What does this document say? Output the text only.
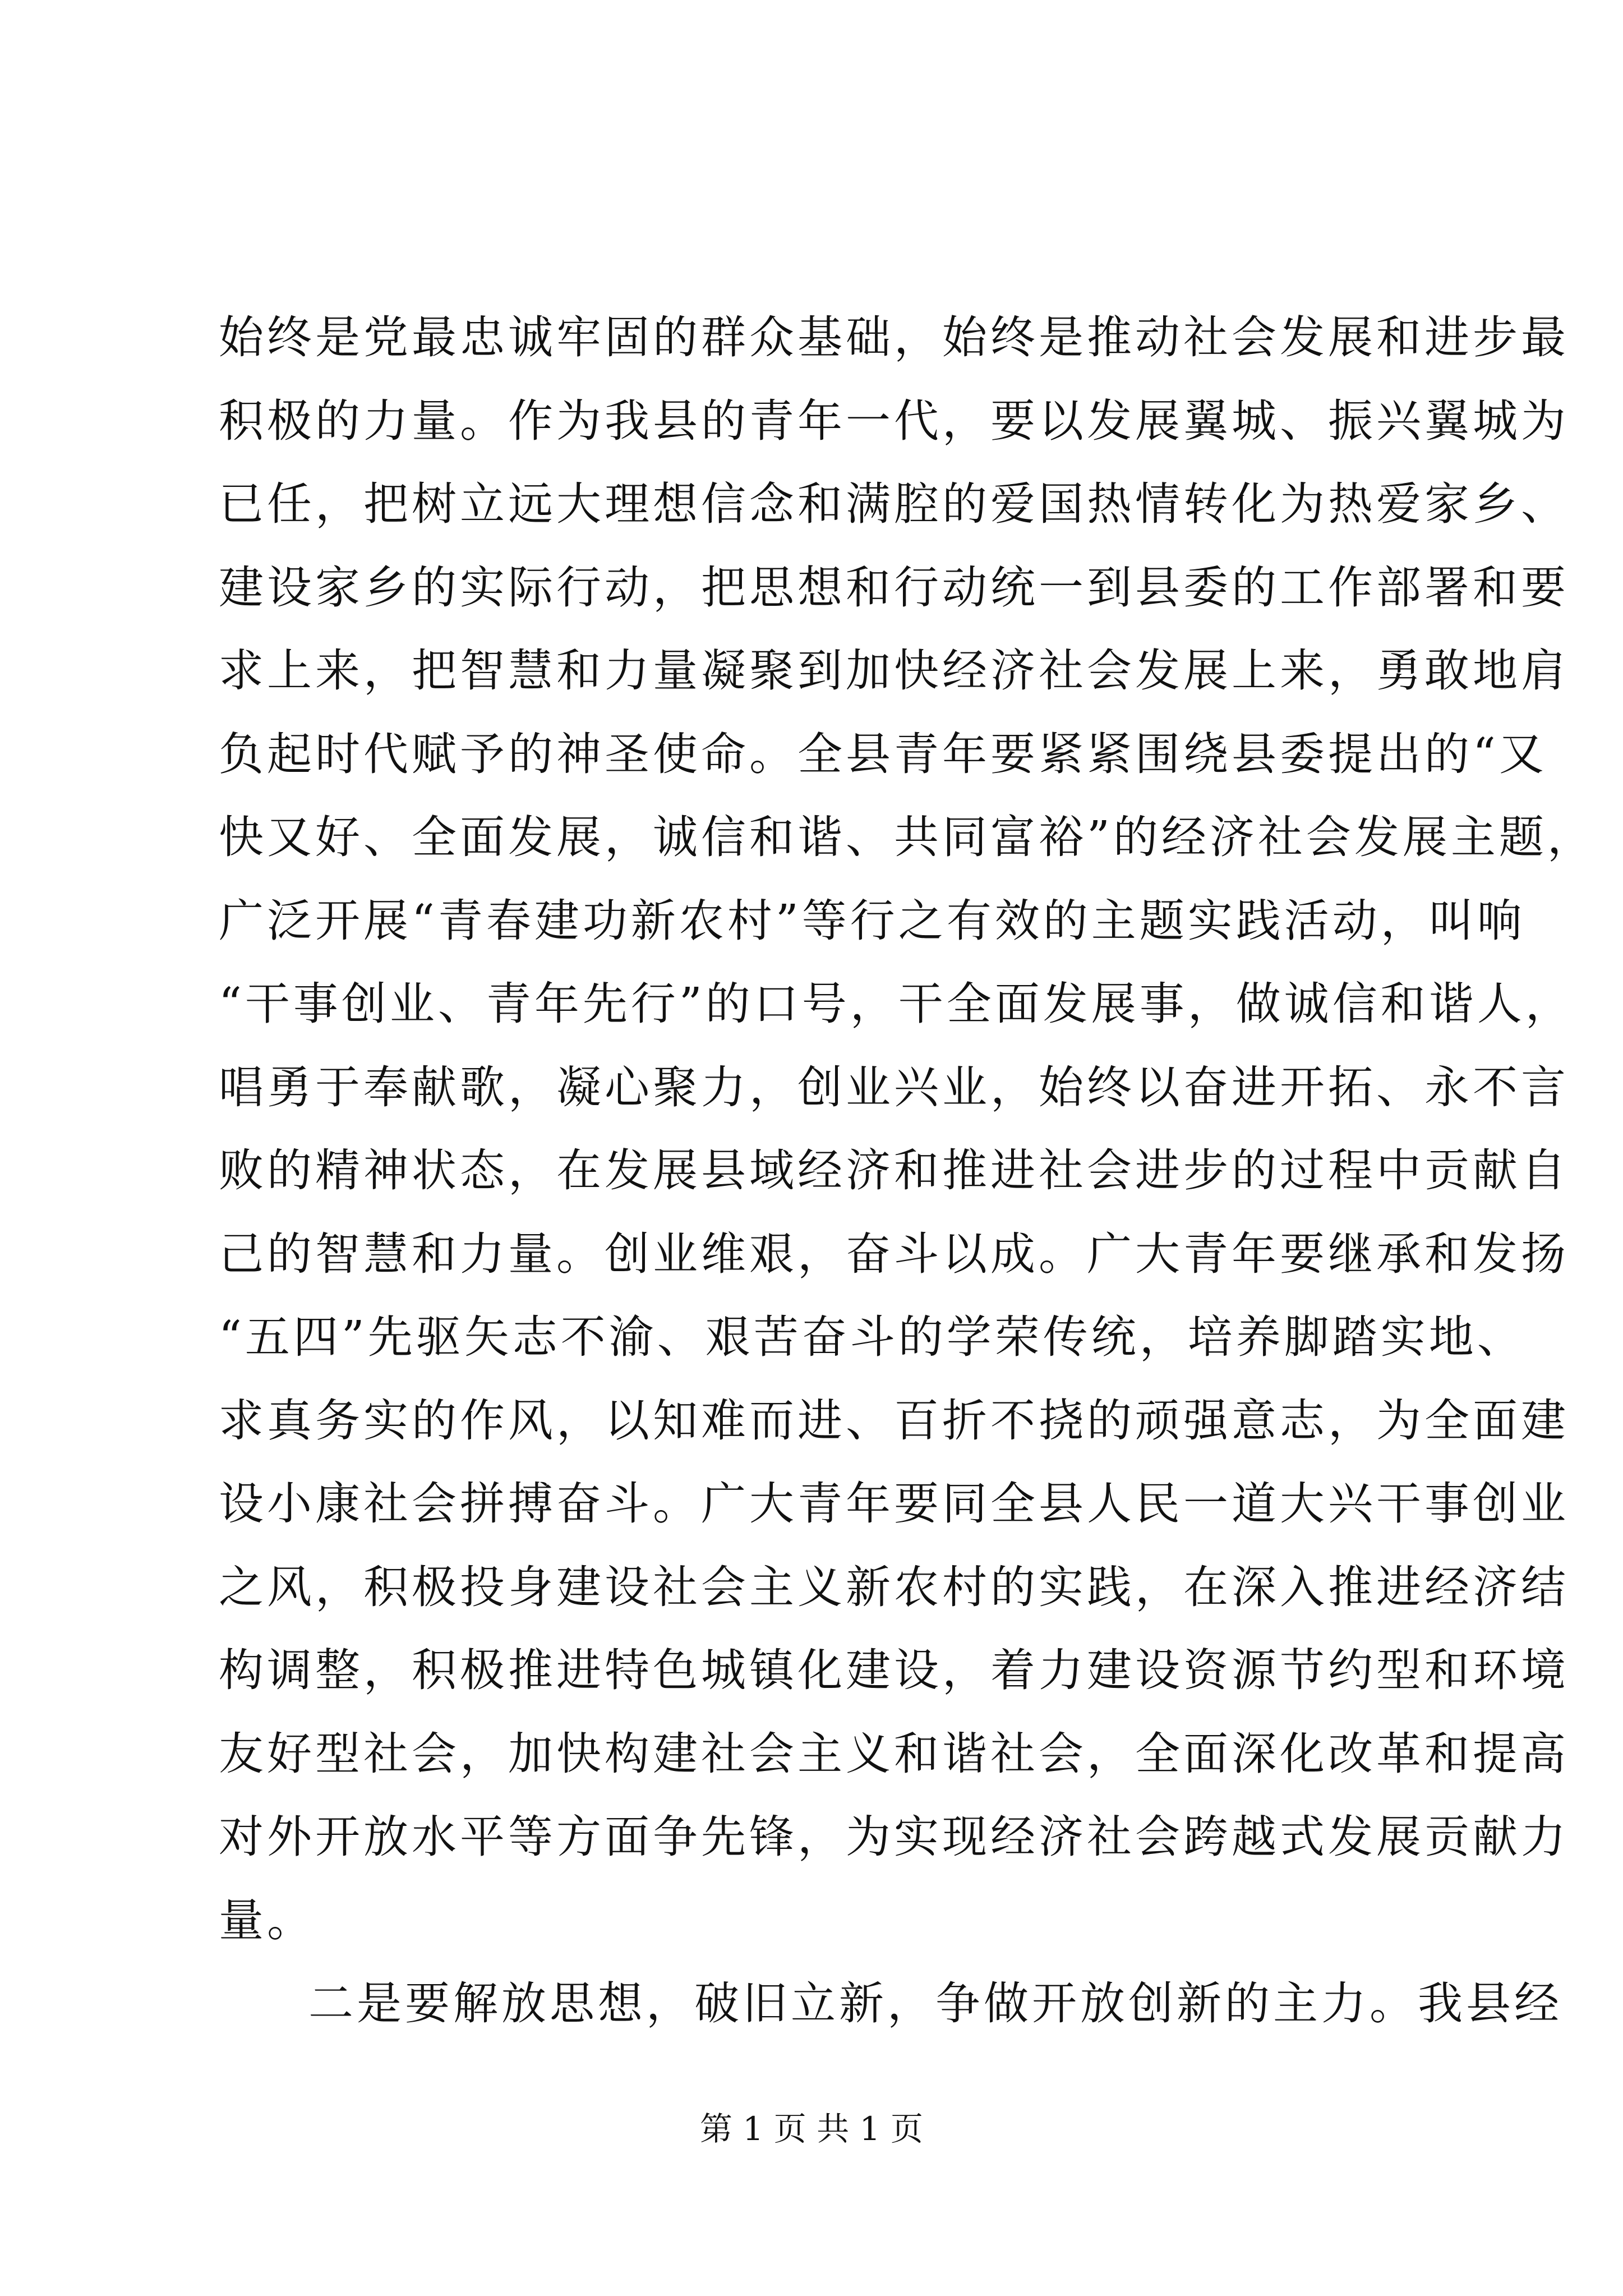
始终是党最忠诚牢固的群众基础，始终是推动社会发展和进步最
积极的力量。作为我县的青年一代，要以发展翼城、振兴翼城为
已任，把树立远大理想信念和满腔的爱国热情转化为热爱家乡、
建设家乡的实际行动，把思想和行动统一到县委的工作部署和要
求上来，把智慧和力量凝聚到加快经济社会发展上来，勇敢地肩
负起时代赋予的神圣使命。全县青年要紧紧围绕县委提出的“又
快又好、全面发展，诚信和谐、共同富裕”的经济社会发展主题，
广泛开展“青春建功新农村”等行之有效的主题实践活动，叫响
“干事创业、青年先行”的口号，干全面发展事，做诚信和谐人，
唱勇于奉献歌，凝心聚力，创业兴业，始终以奋进开拓、永不言
败的精神状态，在发展县域经济和推进社会进步的过程中贡献自
己的智慧和力量。创业维艰，奋斗以成。广大青年要继承和发扬
“五四”先驱矢志不渝、艰苦奋斗的学荣传统，培养脚踏实地、
求真务实的作风，以知难而进、百折不挠的顽强意志，为全面建
设小康社会拼搏奋斗。广大青年要同全县人民一道大兴干事创业
之风，积极投身建设社会主义新农村的实践，在深入推进经济结
构调整，积极推进特色城镇化建设，着力建设资源节约型和环境
友好型社会，加快构建社会主义和谐社会，全面深化改革和提高
对外开放水平等方面争先锋，为实现经济社会跨越式发展贡献力
量。
二是要解放思想，破旧立新，争做开放创新的主力。我县经
第 1 页 共 1 页
